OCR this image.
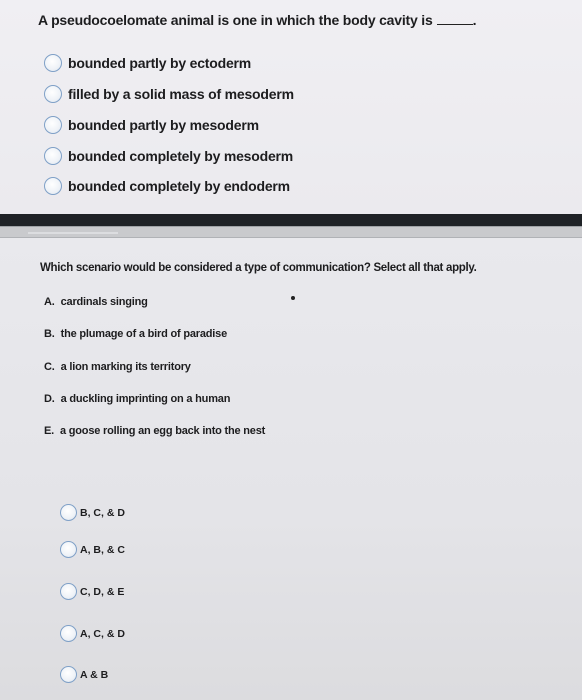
A pseudocoelomate animal is one in which the body cavity is	.
bounded partly by ectoderm
filled by a solid mass of mesoderm
bounded partly by mesoderm
bounded completely by mesoderm
bounded completely by endoderm
Which scenario would be considered a type of communication? Select all that apply.
A. cardinals singing
B. the plumage of a bird of paradise
C. a lion marking its territory
D. a duckling imprinting on a human
E. a goose rolling an egg back into the nest
B, C, & D
A, B, & C
C, D, & E
A, C, & D
A & B
